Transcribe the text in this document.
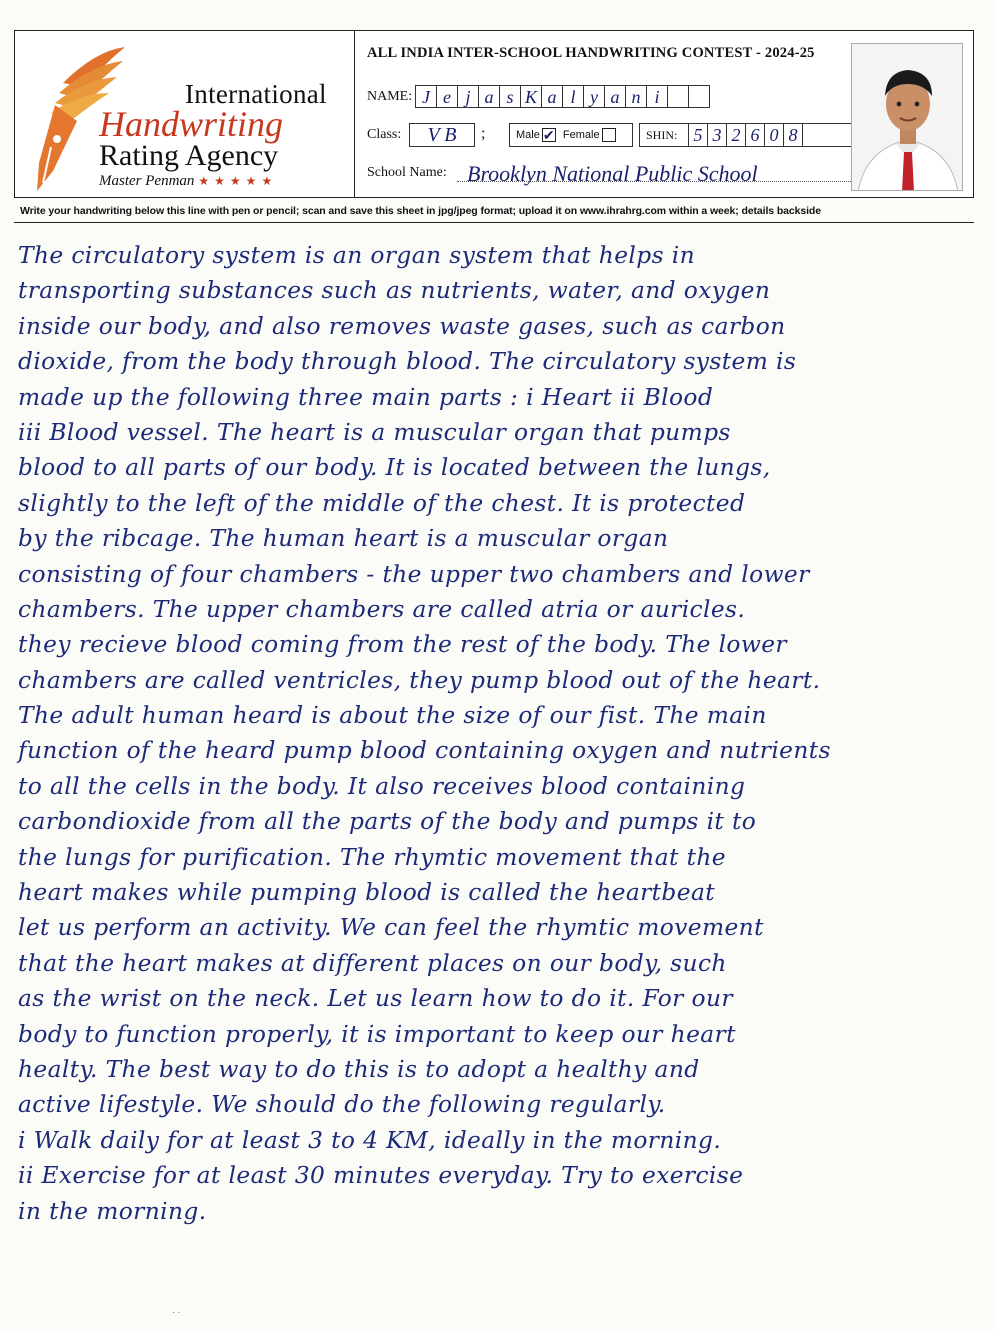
International
Handwriting
Rating Agency
Master Penman ★ ★ ★ ★ ★
ALL INDIA INTER-SCHOOL HANDWRITING CONTEST - 2024-25
NAME: J e j a s K a l y a n i
Class:	V B	;	Male✔ Female	SHIN: 5 3 2 6 0 8
School Name: Brooklyn National Public School
Write your handwriting below this line with pen or pencil; scan and save this sheet in jpg/jpeg format; upload it on www.ihrahrg.com within a week; details backside
The circulatory system is an organ system that helps in
transporting substances such as nutrients, water, and oxygen
inside our body, and also removes waste gases, such as carbon
dioxide, from the body through blood. The circulatory system is
made up the following three main parts : i Heart ii Blood
iii Blood vessel. The heart is a muscular organ that pumps
blood to all parts of our body. It is located between the lungs,
slightly to the left of the middle of the chest. It is protected
by the ribcage. The human heart is a muscular organ
consisting of four chambers - the upper two chambers and lower
chambers. The upper chambers are called atria or auricles.
they recieve blood coming from the rest of the body. The lower
chambers are called ventricles, they pump blood out of the heart.
The adult human heard is about the size of our fist. The main
function of the heard pump blood containing oxygen and nutrients
to all the cells in the body. It also receives blood containing
carbondioxide from all the parts of the body and pumps it to
the lungs for purification. The rhymtic movement that the
heart makes while pumping blood is called the heartbeat
let us perform an activity. We can feel the rhymtic movement
that the heart makes at different places on our body, such
as the wrist on the neck. Let us learn how to do it. For our
body to function properly, it is important to keep our heart
healty. The best way to do this is to adopt a healthy and
active lifestyle. We should do the following regularly.
i Walk daily for at least 3 to 4 KM, ideally in the morning.
ii Exercise for at least 30 minutes everyday. Try to exercise
in the morning.
· ·
